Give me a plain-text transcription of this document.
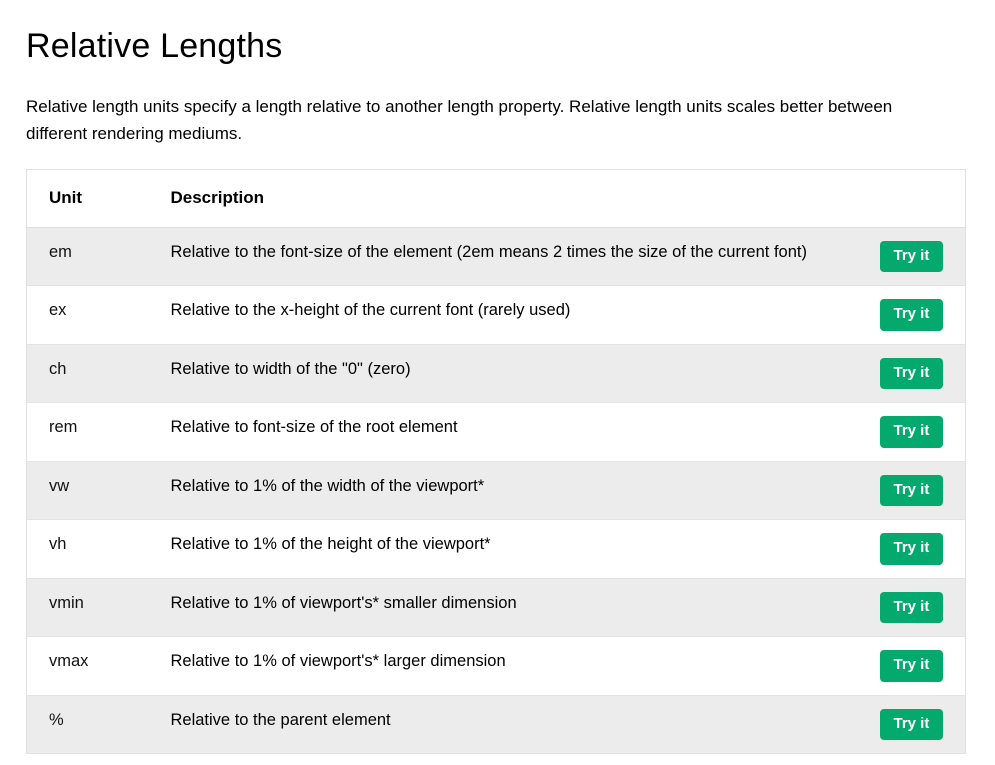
Relative Lengths

Relative length units specify a length relative to another length property. Relative length units scales better between different rendering mediums.

Unit	Description	
em	Relative to the font-size of the element (2em means 2 times the size of the current font)	Try it
ex	Relative to the x-height of the current font (rarely used)	Try it
ch	Relative to width of the "0" (zero)	Try it
rem	Relative to font-size of the root element	Try it
vw	Relative to 1% of the width of the viewport*	Try it
vh	Relative to 1% of the height of the viewport*	Try it
vmin	Relative to 1% of viewport's* smaller dimension	Try it
vmax	Relative to 1% of viewport's* larger dimension	Try it
%	Relative to the parent element	Try it
